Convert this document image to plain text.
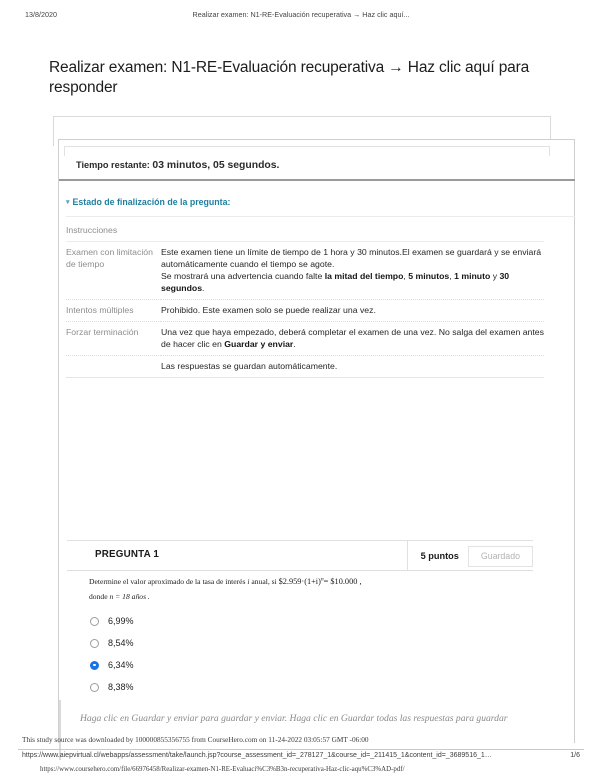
13/8/2020	Realizar examen: N1-RE-Evaluación recuperativa → Haz clic aquí...
Realizar examen: N1-RE-Evaluación recuperativa → Haz clic aquí para responder
Tiempo restante: 03 minutos, 05 segundos.
▾ Estado de finalización de la pregunta:
Instrucciones	
Examen con limitación de tiempo	Este examen tiene un límite de tiempo de 1 hora y 30 minutos.El examen se guardará y se enviará automáticamente cuando el tiempo se agote.
Se mostrará una advertencia cuando falte la mitad del tiempo, 5 minutos, 1 minuto y 30 segundos.

Intentos múltiples	Prohibido. Este examen solo se puede realizar una vez.
Forzar terminación	Una vez que haya empezado, deberá completar el examen de una vez. No salga del examen antes de hacer clic en Guardar y enviar.
	Las respuestas se guardan automáticamente.
PREGUNTA 1	5 puntos	Guardado
Determine el valor aproximado de la tasa de interés i anual, si $\$2.959\cdot(1+i)^n=$ $10.000 ,
donde n = 18 años .
6,99%
8,54%
6,34%
8,38%
Haga clic en Guardar y enviar para guardar y enviar. Haga clic en Guardar todas las respuestas para guardar
This study source was downloaded by 100000855356755 from CourseHero.com on 11-24-2022 03:05:57 GMT -06:00
https://www.aiepvirtual.cl/webapps/assessment/take/launch.jsp?course_assessment_id=_278127_1&course_id=_211415_1&content_id=_3689516_1…	1/6
https://www.coursehero.com/file/66976458/Realizar-examen-N1-RE-Evaluaci%C3%B3n-recuperativa-Haz-clic-aqu%C3%AD-pdf/
